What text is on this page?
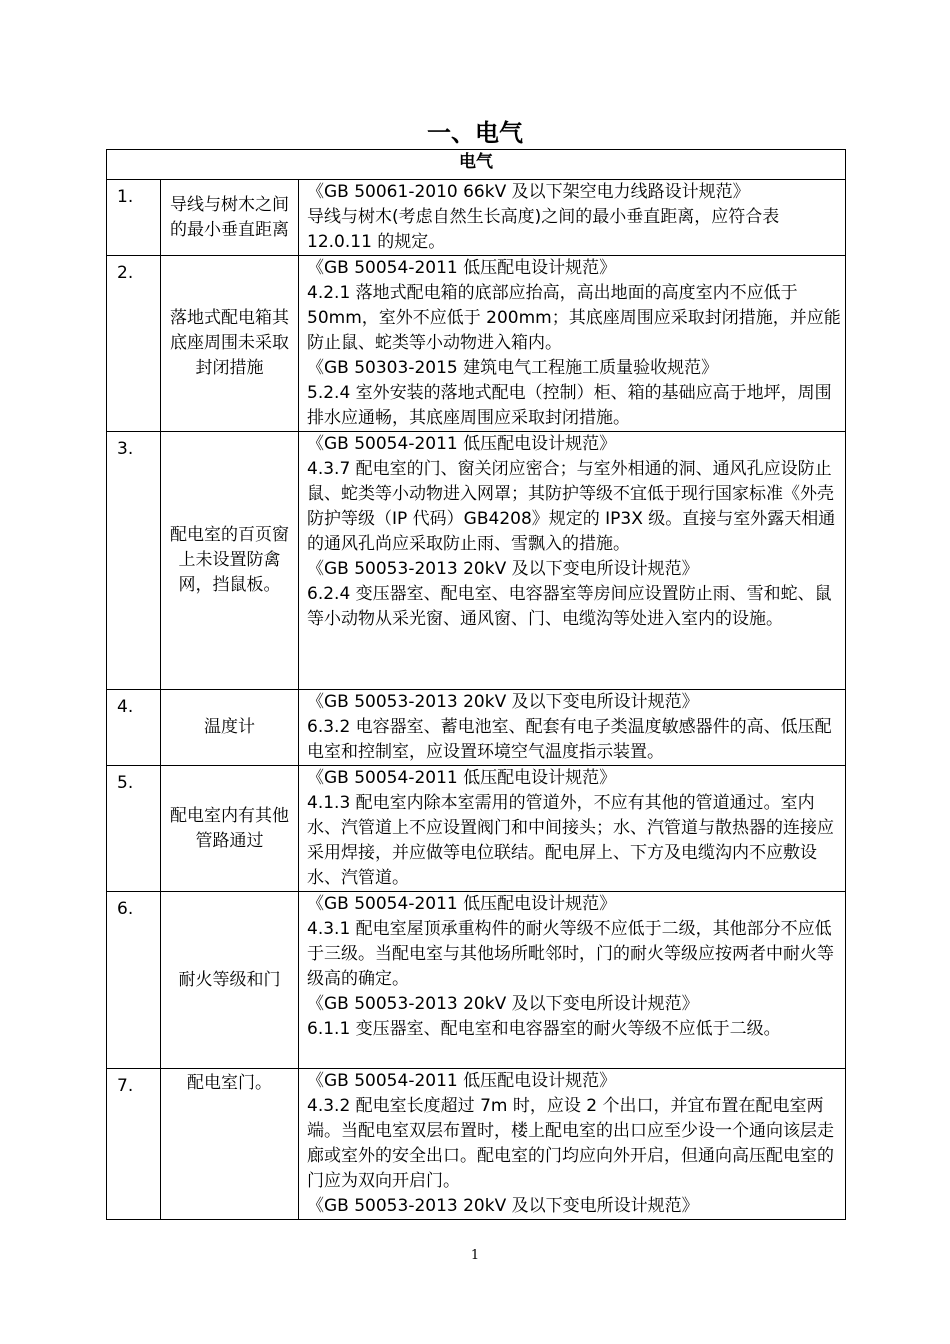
一、电气
电气		
1.	导线与树木之间的最小垂直距离	《GB 50061-2010 66kV 及以下架空电力线路设计规范》
导线与树木(考虑自然生长高度)之间的最小垂直距离，应符合表 12.0.11 的规定。

2.	落地式配电箱其底座周围未采取封闭措施	《GB 50054-2011 低压配电设计规范》
4.2.1 落地式配电箱的底部应抬高，高出地面的高度室内不应低于 50mm，室外不应低于 200mm；其底座周围应采取封闭措施，并应能防止鼠、蛇类等小动物进入箱内。
《GB 50303-2015 建筑电气工程施工质量验收规范》
5.2.4 室外安装的落地式配电（控制）柜、箱的基础应高于地坪，周围排水应通畅，其底座周围应采取封闭措施。

3.	配电室的百页窗上未设置防禽网，挡鼠板。	《GB 50054-2011 低压配电设计规范》
4.3.7 配电室的门、窗关闭应密合；与室外相通的洞、通风孔应设防止鼠、蛇类等小动物进入网罩；其防护等级不宜低于现行国家标准《外壳防护等级（IP 代码）GB4208》规定的 IP3X 级。直接与室外露天相通的通风孔尚应采取防止雨、雪飘入的措施。
《GB 50053-2013 20kV 及以下变电所设计规范》
6.2.4 变压器室、配电室、电容器室等房间应设置防止雨、雪和蛇、鼠等小动物从采光窗、通风窗、门、电缆沟等处进入室内的设施。

4.	温度计	《GB 50053-2013 20kV 及以下变电所设计规范》
6.3.2 电容器室、蓄电池室、配套有电子类温度敏感器件的高、低压配电室和控制室，应设置环境空气温度指示装置。

5.	配电室内有其他管路通过	《GB 50054-2011 低压配电设计规范》
4.1.3 配电室内除本室需用的管道外，不应有其他的管道通过。室内水、汽管道上不应设置阀门和中间接头；水、汽管道与散热器的连接应采用焊接，并应做等电位联结。配电屏上、下方及电缆沟内不应敷设水、汽管道。

6.	耐火等级和门	《GB 50054-2011 低压配电设计规范》
4.3.1 配电室屋顶承重构件的耐火等级不应低于二级，其他部分不应低于三级。当配电室与其他场所毗邻时，门的耐火等级应按两者中耐火等级高的确定。
《GB 50053-2013 20kV 及以下变电所设计规范》
6.1.1 变压器室、配电室和电容器室的耐火等级不应低于二级。

7.	配电室门。	《GB 50054-2011 低压配电设计规范》
4.3.2 配电室长度超过 7m 时，应设 2 个出口，并宜布置在配电室两端。当配电室双层布置时，楼上配电室的出口应至少设一个通向该层走廊或室外的安全出口。配电室的门均应向外开启，但通向高压配电室的门应为双向开启门。
《GB 50053-2013 20kV 及以下变电所设计规范》
1
